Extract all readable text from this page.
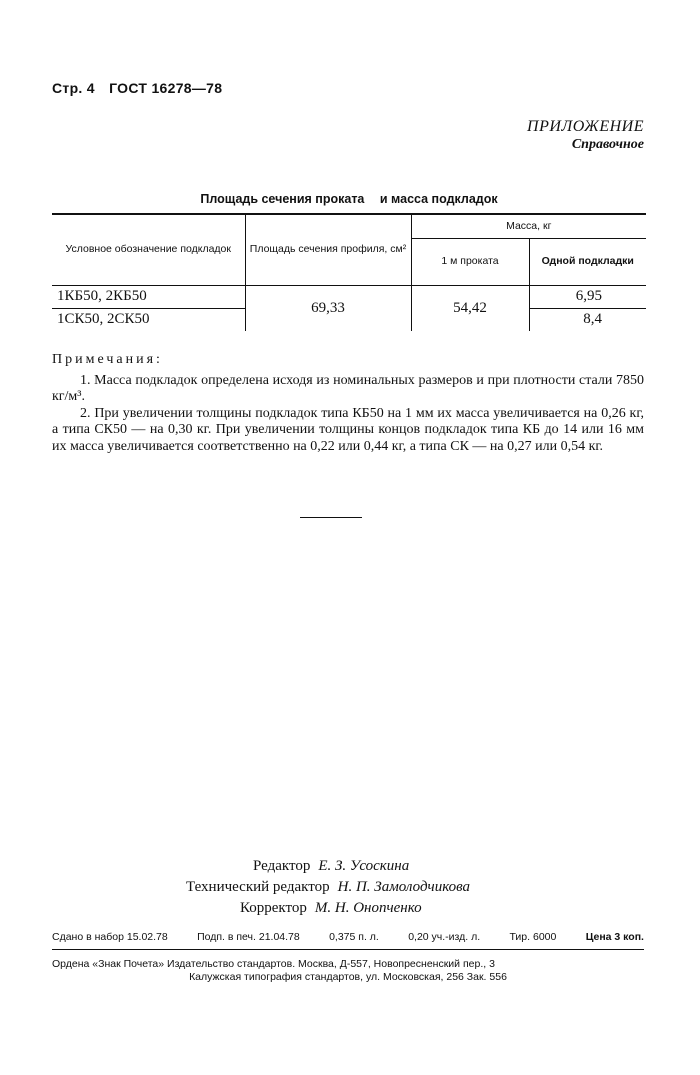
Стр. 4 ГОСТ 16278—78
ПРИЛОЖЕНИЕ
Справочное
Площадь сечения проката и масса подкладок
Условное обозначение подкладок	Площадь сечения профиля, см²	Масса, кг	
		1 м проката	Одной подкладки
1КБ50, 2КБ50	69,33	54,42	6,95
1СК50, 2СК50			8,4
Примечания:

1. Масса подкладок определена исходя из номинальных размеров и при плотности стали 7850 кг/м³.

2. При увеличении толщины подкладок типа КБ50 на 1 мм их масса увеличивается на 0,26 кг, а типа СК50 — на 0,30 кг. При увеличении толщины концов подкладок типа КБ до 14 или 16 мм их масса увеличивается соответственно на 0,22 или 0,44 кг, а типа СК — на 0,27 или 0,54 кг.

Редактор Е. З. Усоскина
Технический редактор Н. П. Замолодчикова
Корректор М. Н. Онопченко
Сдано в набор 15.02.78	Подп. в печ. 21.04.78	0,375 п. л.	0,20 уч.-изд. л.	Тир. 6000	Цена 3 коп.
Ордена «Знак Почета» Издательство стандартов. Москва, Д-557, Новопресненский пер., 3
Калужская типография стандартов, ул. Московская, 256 Зак. 556
